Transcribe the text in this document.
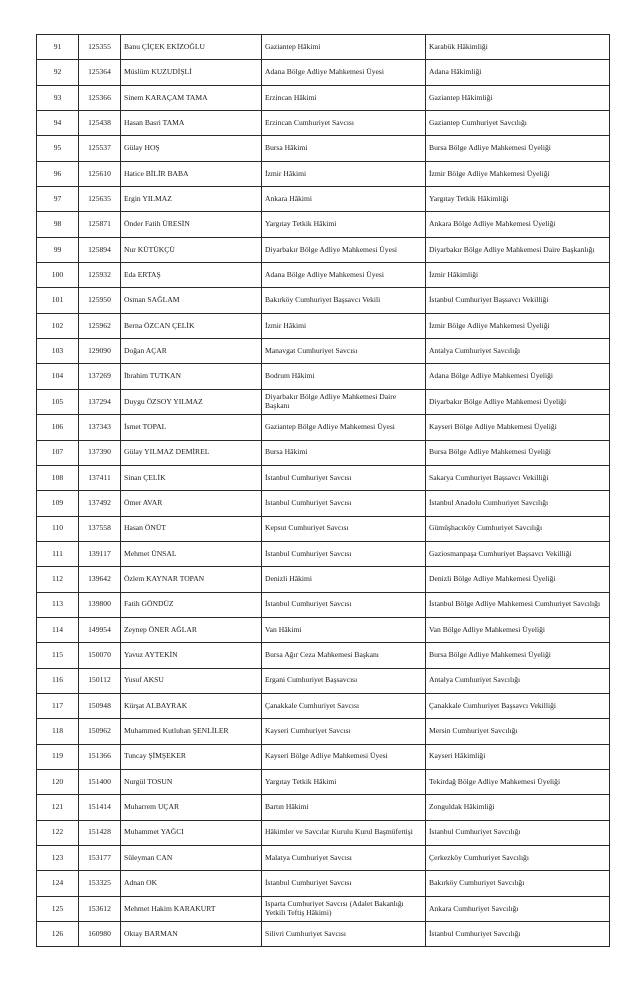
91	125355	Banu ÇİÇEK EKİZOĞLU	Gaziantep Hâkimi	Karabük Hâkimliği
92	125364	Müslüm KUZUDİŞLİ	Adana Bölge Adliye Mahkemesi Üyesi	Adana Hâkimliği
93	125366	Sinem KARAÇAM TAMA	Erzincan Hâkimi	Gaziantep Hâkimliği
94	125438	Hasan Basri TAMA	Erzincan Cumhuriyet Savcısı	Gaziantep Cumhuriyet Savcılığı
95	125537	Gülay HOŞ	Bursa Hâkimi	Bursa Bölge Adliye Mahkemesi Üyeliği
96	125610	Hatice BİLİR BABA	İzmir Hâkimi	İzmir Bölge Adliye Mahkemesi Üyeliği
97	125635	Ergin YILMAZ	Ankara Hâkimi	Yargıtay Tetkik Hâkimliği
98	125871	Önder Fatih ÜRESİN	Yargıtay Tetkik Hâkimi	Ankara Bölge Adliye Mahkemesi Üyeliği
99	125894	Nur KÜTÜKÇÜ	Diyarbakır Bölge Adliye Mahkemesi Üyesi	Diyarbakır Bölge Adliye Mahkemesi Daire Başkanlığı
100	125932	Eda ERTAŞ	Adana Bölge Adliye Mahkemesi Üyesi	İzmir Hâkimliği
101	125950	Osman SAĞLAM	Bakırköy Cumhuriyet Başsavcı Vekili	İstanbul Cumhuriyet Başsavcı Vekilliği
102	125962	Berna ÖZCAN ÇELİK	İzmir Hâkimi	İzmir Bölge Adliye Mahkemesi Üyeliği
103	129090	Doğan AÇAR	Manavgat Cumhuriyet Savcısı	Antalya Cumhuriyet Savcılığı
104	137269	İbrahim TUTKAN	Bodrum Hâkimi	Adana Bölge Adliye Mahkemesi Üyeliği
105	137294	Duygu ÖZSOY YILMAZ	Diyarbakır Bölge Adliye Mahkemesi Daire Başkanı	Diyarbakır Bölge Adliye Mahkemesi Üyeliği
106	137343	İsmet TOPAL	Gaziantep Bölge Adliye Mahkemesi Üyesi	Kayseri Bölge Adliye Mahkemesi Üyeliği
107	137390	Gülay YILMAZ DEMİREL	Bursa Hâkimi	Bursa Bölge Adliye Mahkemesi Üyeliği
108	137411	Sinan ÇELİK	İstanbul Cumhuriyet Savcısı	Sakarya Cumhuriyet Başsavcı Vekilliği
109	137492	Ömer AVAR	İstanbul Cumhuriyet Savcısı	İstanbul Anadolu Cumhuriyet Savcılığı
110	137558	Hasan ÖNÜT	Kepsut Cumhuriyet Savcısı	Gümüşhacıköy Cumhuriyet Savcılığı
111	139117	Mehmet ÜNSAL	İstanbul Cumhuriyet Savcısı	Gaziosmanpaşa Cumhuriyet Başsavcı Vekilliği
112	139642	Özlem KAYNAR TOPAN	Denizli Hâkimi	Denizli Bölge Adliye Mahkemesi Üyeliği
113	139800	Fatih GÖNDÜZ	İstanbul Cumhuriyet Savcısı	İstanbul Bölge Adliye Mahkemesi Cumhuriyet Savcılığı
114	149954	Zeynep ÖNER AĞLAR	Van Hâkimi	Van Bölge Adliye Mahkemesi Üyeliği
115	150070	Yavuz AYTEKİN	Bursa Ağır Ceza Mahkemesi Başkanı	Bursa Bölge Adliye Mahkemesi Üyeliği
116	150112	Yusuf AKSU	Ergani Cumhuriyet Başsavcısı	Antalya Cumhuriyet Savcılığı
117	150948	Kürşat ALBAYRAK	Çanakkale Cumhuriyet Savcısı	Çanakkale Cumhuriyet Başsavcı Vekilliği
118	150962	Muhammed Kutluhan ŞENLİLER	Kayseri Cumhuriyet Savcısı	Mersin Cumhuriyet Savcılığı
119	151366	Tuncay ŞİMŞEKER	Kayseri Bölge Adliye Mahkemesi Üyesi	Kayseri Hâkimliği
120	151400	Nurgül TOSUN	Yargıtay Tetkik Hâkimi	Tekirdağ Bölge Adliye Mahkemesi Üyeliği
121	151414	Muharrem UÇAR	Bartın Hâkimi	Zonguldak Hâkimliği
122	151428	Muhammet YAĞCI	Hâkimler ve Savcılar Kurulu Kurul Başmüfettişi	İstanbul Cumhuriyet Savcılığı
123	153177	Süleyman CAN	Malatya Cumhuriyet Savcısı	Çerkezköy Cumhuriyet Savcılığı
124	153325	Adnan OK	İstanbul Cumhuriyet Savcısı	Bakırköy Cumhuriyet Savcılığı
125	153612	Mehmet Hakim KARAKURT	Isparta Cumhuriyet Savcısı (Adalet Bakanlığı Yetkili Teftiş Hâkimi)	Ankara Cumhuriyet Savcılığı
126	160980	Oktay BARMAN	Silivri Cumhuriyet Savcısı	İstanbul Cumhuriyet Savcılığı
